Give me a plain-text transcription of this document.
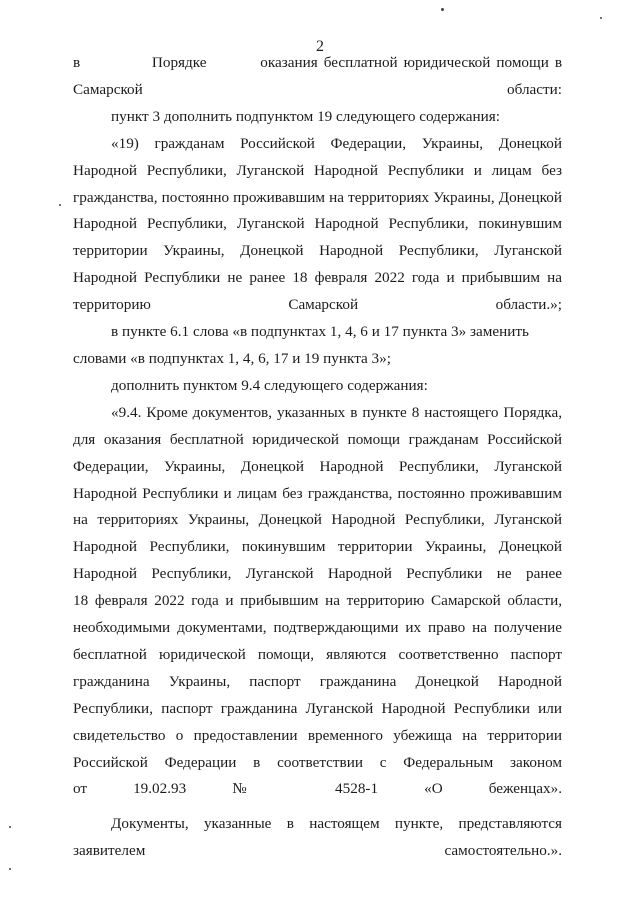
2

в            Порядке         оказания бесплатной юридической помощи в
Самарской области:

пункт 3 дополнить подпунктом 19 следующего содержания:

«19) гражданам Российской Федерации, Украины, Донецкой
Народной Республики, Луганской Народной Республики и лицам без
гражданства, постоянно проживавшим на территориях Украины, Донецкой
Народной Республики, Луганской Народной Республики, покинувшим
территории Украины, Донецкой Народной Республики, Луганской
Народной Республики не ранее 18 февраля 2022 года и прибывшим на
территорию Самарской области.»;

в пункте 6.1 слова «в подпунктах 1, 4, 6 и 17 пункта 3» заменить
словами «в подпунктах 1, 4, 6, 17 и 19 пункта 3»;

дополнить пунктом 9.4 следующего содержания:

«9.4. Кроме документов, указанных в пункте 8 настоящего Порядка,
для оказания бесплатной юридической помощи гражданам Российской
Федерации, Украины, Донецкой Народной Республики, Луганской
Народной Республики и лицам без гражданства, постоянно проживавшим
на территориях Украины, Донецкой Народной Республики, Луганской
Народной Республики, покинувшим территории Украины, Донецкой
Народной Республики, Луганской Народной Республики не ранее
18 февраля 2022 года и прибывшим на территорию Самарской области,
необходимыми документами, подтверждающими их право на получение
бесплатной юридической помощи, являются соответственно паспорт
гражданина Украины, паспорт гражданина Донецкой Народной
Республики, паспорт гражданина Луганской Народной Республики или
свидетельство о предоставлении временного убежища на территории
Российской Федерации в соответствии с Федеральным законом
от 19.02.93 № 4528-1 «О беженцах».

Документы, указанные в настоящем пункте, представляются
заявителем самостоятельно.».
